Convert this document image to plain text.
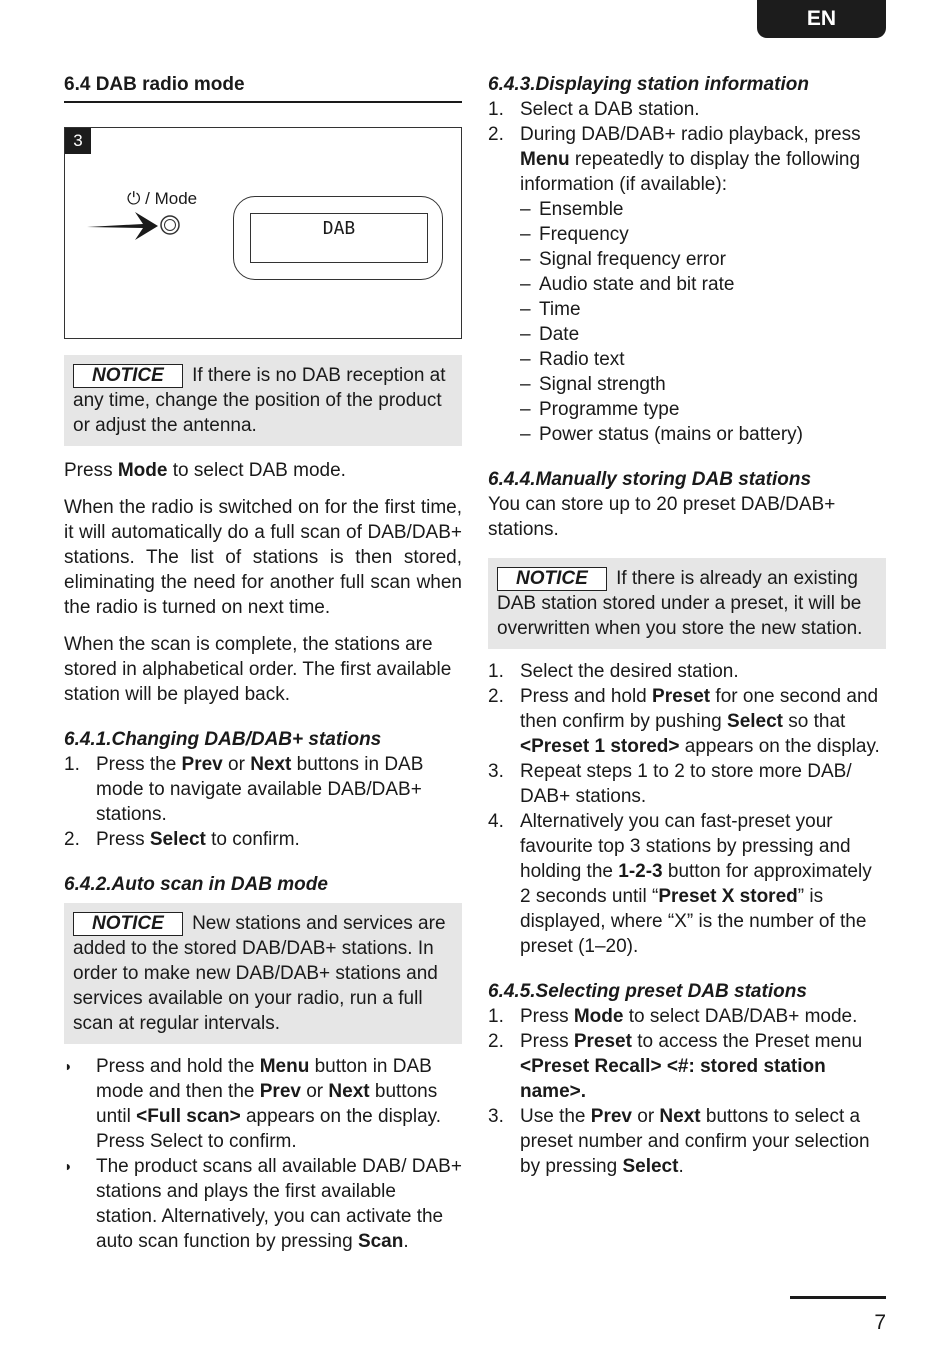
EN
6.4 DAB radio mode
3
⏻ / Mode
DAB
NOTICE If there is no DAB reception at any time, change the position of the product or adjust the antenna.

Press Mode to select DAB mode.

When the radio is switched on for the first time, it will automatically do a full scan of DAB/DAB+ stations. The list of stations is then stored, eliminating the need for another full scan when the radio is turned on next time.

When the scan is complete, the stations are stored in alphabetical order. The first available station will be played back.

6.4.1.Changing DAB/DAB+ stations
1. Press the Prev or Next buttons in DAB mode to navigate available DAB/DAB+ stations.
2. Press Select to confirm.
6.4.2.Auto scan in DAB mode
NOTICE New stations and services are added to the stored DAB/DAB+ stations. In order to make new DAB/DAB+ stations and services available on your radio, run a full scan at regular intervals.
◗ Press and hold the Menu button in DAB mode and then the Prev or Next buttons until <Full scan> appears on the display. Press Select to confirm.
◗ The product scans all available DAB/ DAB+ stations and plays the first available station. Alternatively, you can activate the auto scan function by pressing Scan.
6.4.3.Displaying station information
1. Select a DAB station.
2. During DAB/DAB+ radio playback, press Menu repeatedly to display the following information (if available):
– Ensemble
– Frequency
– Signal frequency error
– Audio state and bit rate
– Time
– Date
– Radio text
– Signal strength
– Programme type
– Power status (mains or battery)
6.4.4.Manually storing DAB stations
You can store up to 20 preset DAB/DAB+ stations.
NOTICE If there is already an existing DAB station stored under a preset, it will be overwritten when you store the new station.
1. Select the desired station.
2. Press and hold Preset for one second and then confirm by pushing Select so that <Preset 1 stored> appears on the display.
3. Repeat steps 1 to 2 to store more DAB/ DAB+ stations.
4. Alternatively you can fast-preset your favourite top 3 stations by pressing and holding the 1-2-3 button for approximately 2 seconds until “Preset X stored” is displayed, where “X” is the number of the preset (1–20).
6.4.5.Selecting preset DAB stations
1. Press Mode to select DAB/DAB+ mode.
2. Press Preset to access the Preset menu <Preset Recall> <#: stored station name>.
3. Use the Prev or Next buttons to select a preset number and confirm your selection by pressing Select.
7
